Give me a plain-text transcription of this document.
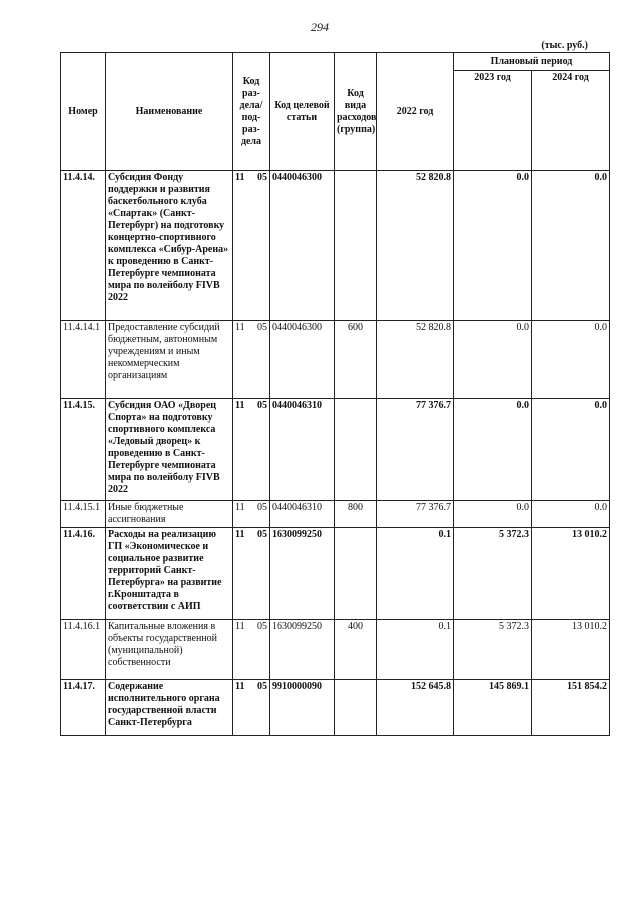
294
(тыс. руб.)
Номер	Наименование	Код раз-дела/ под-раз-дела	Код целевой статьи	Код вида расходов (группа)	2022 год	Плановый период	
						2023 год	2024 год
11.4.14.	Субсидия Фонду поддержки и развития баскетбольного клуба «Спартак» (Санкт-Петербург) на подготовку концертно-спортивного комплекса «Сибур-Арена» к проведению в Санкт-Петербурге чемпионата мира по волейболу FIVB 2022	11 05	0440046300		52 820.8	0.0	0.0
11.4.14.1	Предоставление субсидий бюджетным, автономным учреждениям и иным некоммерческим организациям	11 05	0440046300	600	52 820.8	0.0	0.0
11.4.15.	Субсидия ОАО «Дворец Спорта» на подготовку спортивного комплекса «Ледовый дворец» к проведению в Санкт-Петербурге чемпионата мира по волейболу FIVB 2022	11 05	0440046310		77 376.7	0.0	0.0
11.4.15.1	Иные бюджетные ассигнования	11 05	0440046310	800	77 376.7	0.0	0.0
11.4.16.	Расходы на реализацию ГП «Экономическое и социальное развитие территорий Санкт-Петербурга» на развитие г.Кронштадта в соответствии с АИП	11 05	1630099250		0.1	5 372.3	13 010.2
11.4.16.1	Капитальные вложения в объекты государственной (муниципальной) собственности	11 05	1630099250	400	0.1	5 372.3	13 010.2
11.4.17.	Содержание исполнительного органа государственной власти Санкт-Петербурга	11 05	9910000090		152 645.8	145 869.1	151 854.2
